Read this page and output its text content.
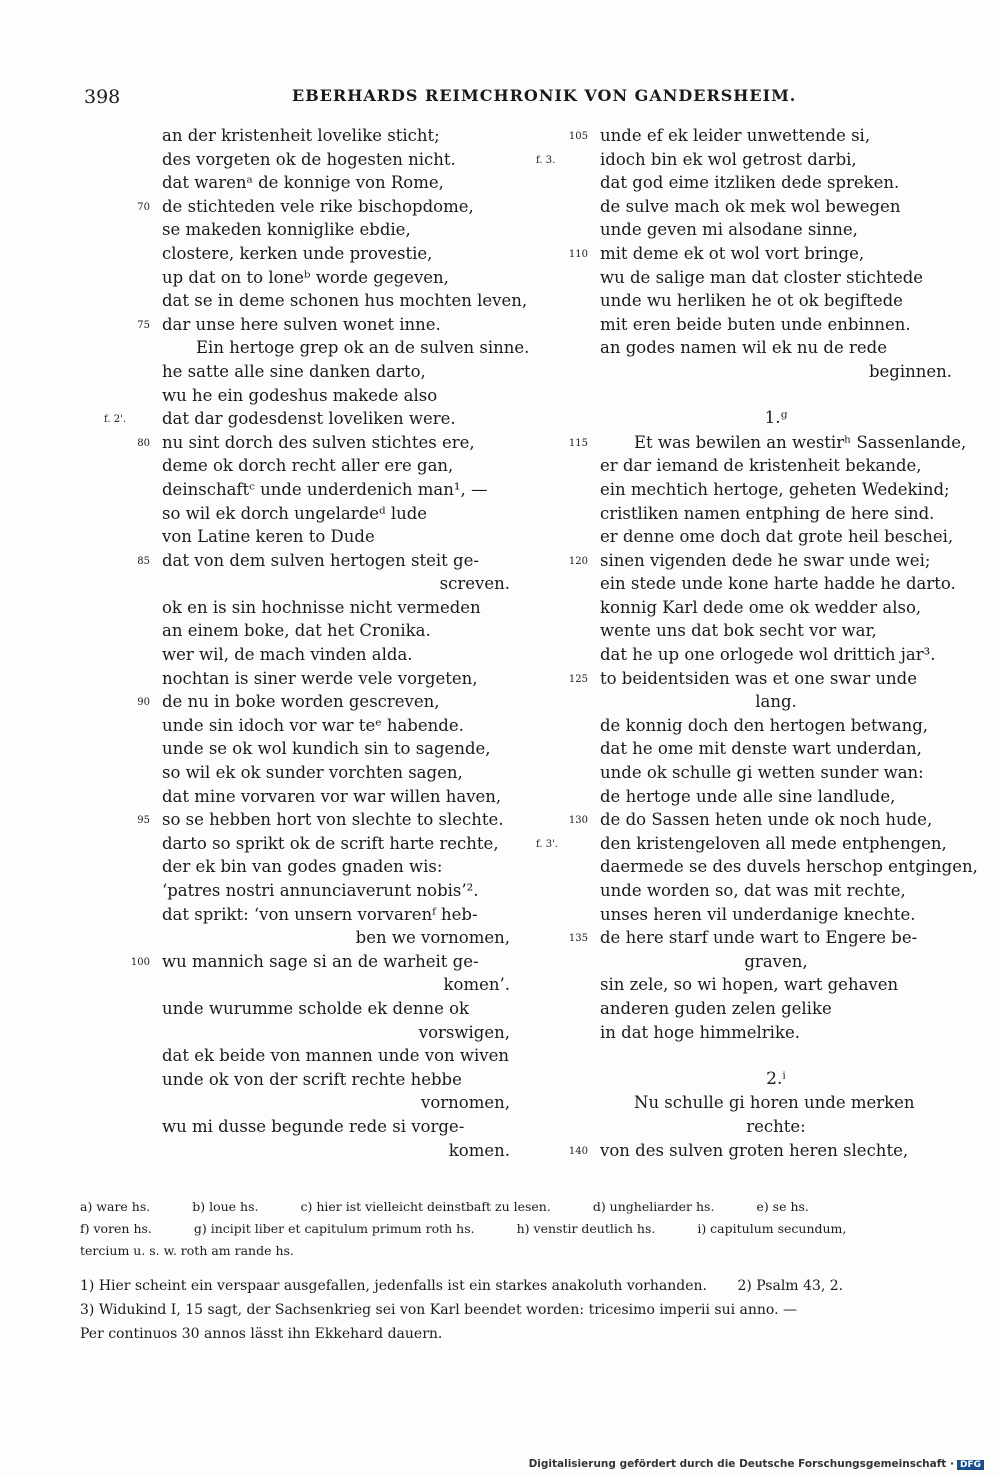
398	EBERHARDS REIMCHRONIK VON GANDERSHEIM.
an der kristenheit lovelike sticht;
des vorgeten ok de hogesten nicht.
dat warenᵃ de konnige von Rome,
70 de stichteden vele rike bischopdome,
se makeden konniglike ebdie,
clostere, kerken unde provestie,
up dat on to loneᵇ worde gegeven,
dat se in deme schonen hus mochten leven,
75 dar unse here sulven wonet inne.
Ein hertoge grep ok an de sulven sinne.
he satte alle sine danken darto,
wu he ein godeshus makede also
f. 2'. dat dar godesdenst loveliken were.
80 nu sint dorch des sulven stichtes ere,
deme ok dorch recht aller ere gan,
deinschaftᶜ unde underdenich man¹, —
so wil ek dorch ungelardeᵈ lude
von Latine keren to Dude
85 dat von dem sulven hertogen steit ge-
screven.
ok en is sin hochnisse nicht vermeden
an einem boke, dat het Cronika.
wer wil, de mach vinden alda.
nochtan is siner werde vele vorgeten,
90 de nu in boke worden gescreven,
unde sin idoch vor war teᵉ habende.
unde se ok wol kundich sin to sagende,
so wil ek ok sunder vorchten sagen,
dat mine vorvaren vor war willen haven,
95 so se hebben hort von slechte to slechte.
darto so sprikt ok de scrift harte rechte,
der ek bin van godes gnaden wis:
‘patres nostri annunciaverunt nobis’².
dat sprikt: ‘von unsern vorvarenᶠ heb-
ben we vornomen,
100 wu mannich sage si an de warheit ge-
komen’.
unde wurumme scholde ek denne ok
vorswigen,
dat ek beide von mannen unde von wiven
unde ok von der scrift rechte hebbe
vornomen,
wu mi dusse begunde rede si vorge-
komen.
105 unde ef ek leider unwettende si,
f. 3.	idoch bin ek wol getrost darbi,
dat god eime itzliken dede spreken.
de sulve mach ok mek wol bewegen
unde geven mi alsodane sinne,
110 mit deme ek ot wol vort bringe,
wu de salige man dat closter stichtede
unde wu herliken he ot ok begiftede
mit eren beide buten unde enbinnen.
an godes namen wil ek nu de rede
beginnen.
1.ᵍ
115	Et was bewilen an westirʰ Sassenlande,
er dar iemand de kristenheit bekande,
ein mechtich hertoge, geheten Wedekind;
cristliken namen entphing de here sind.
er denne ome doch dat grote heil beschei,
120 sinen vigenden dede he swar unde wei;
ein stede unde kone harte hadde he darto.
konnig Karl dede ome ok wedder also,
wente uns dat bok secht vor war,
dat he up one orlogede wol drittich jar³.
125 to beidentsiden was et one swar unde
lang.
de konnig doch den hertogen betwang,
dat he ome mit denste wart underdan,
unde ok schulle gi wetten sunder wan:
de hertoge unde alle sine landlude,
130 de do Sassen heten unde ok noch hude,
f. 3'.	den kristengeloven all mede entphengen,
daermede se des duvels herschop entgingen,
unde worden so, dat was mit rechte,
unses heren vil underdanige knechte.
135 de here starf unde wart to Engere be-
graven,
sin zele, so wi hopen, wart gehaven
anderen guden zelen gelike
in dat hoge himmelrike.
2.ⁱ
Nu schulle gi horen unde merken
rechte:
140 von des sulven groten heren slechte,
a) ware hs.	b) loue hs.	c) hier ist vielleicht deinstbaft zu lesen.	d) ungheliarder hs.	e) se hs.
f) voren hs.	g) incipit liber et capitulum primum roth hs.	h) venstir deutlich hs.	i) capitulum secundum,
tercium u. s. w. roth am rande hs.
1) Hier scheint ein verspaar ausgefallen, jedenfalls ist ein starkes anakoluth vorhanden. 2) Psalm 43, 2.
3) Widukind I, 15 sagt, der Sachsenkrieg sei von Karl beendet worden: tricesimo imperii sui anno. —
Per continuos 30 annos lässt ihn Ekkehard dauern.
Digitalisierung gefördert durch die Deutsche Forschungsgemeinschaft · DFG
